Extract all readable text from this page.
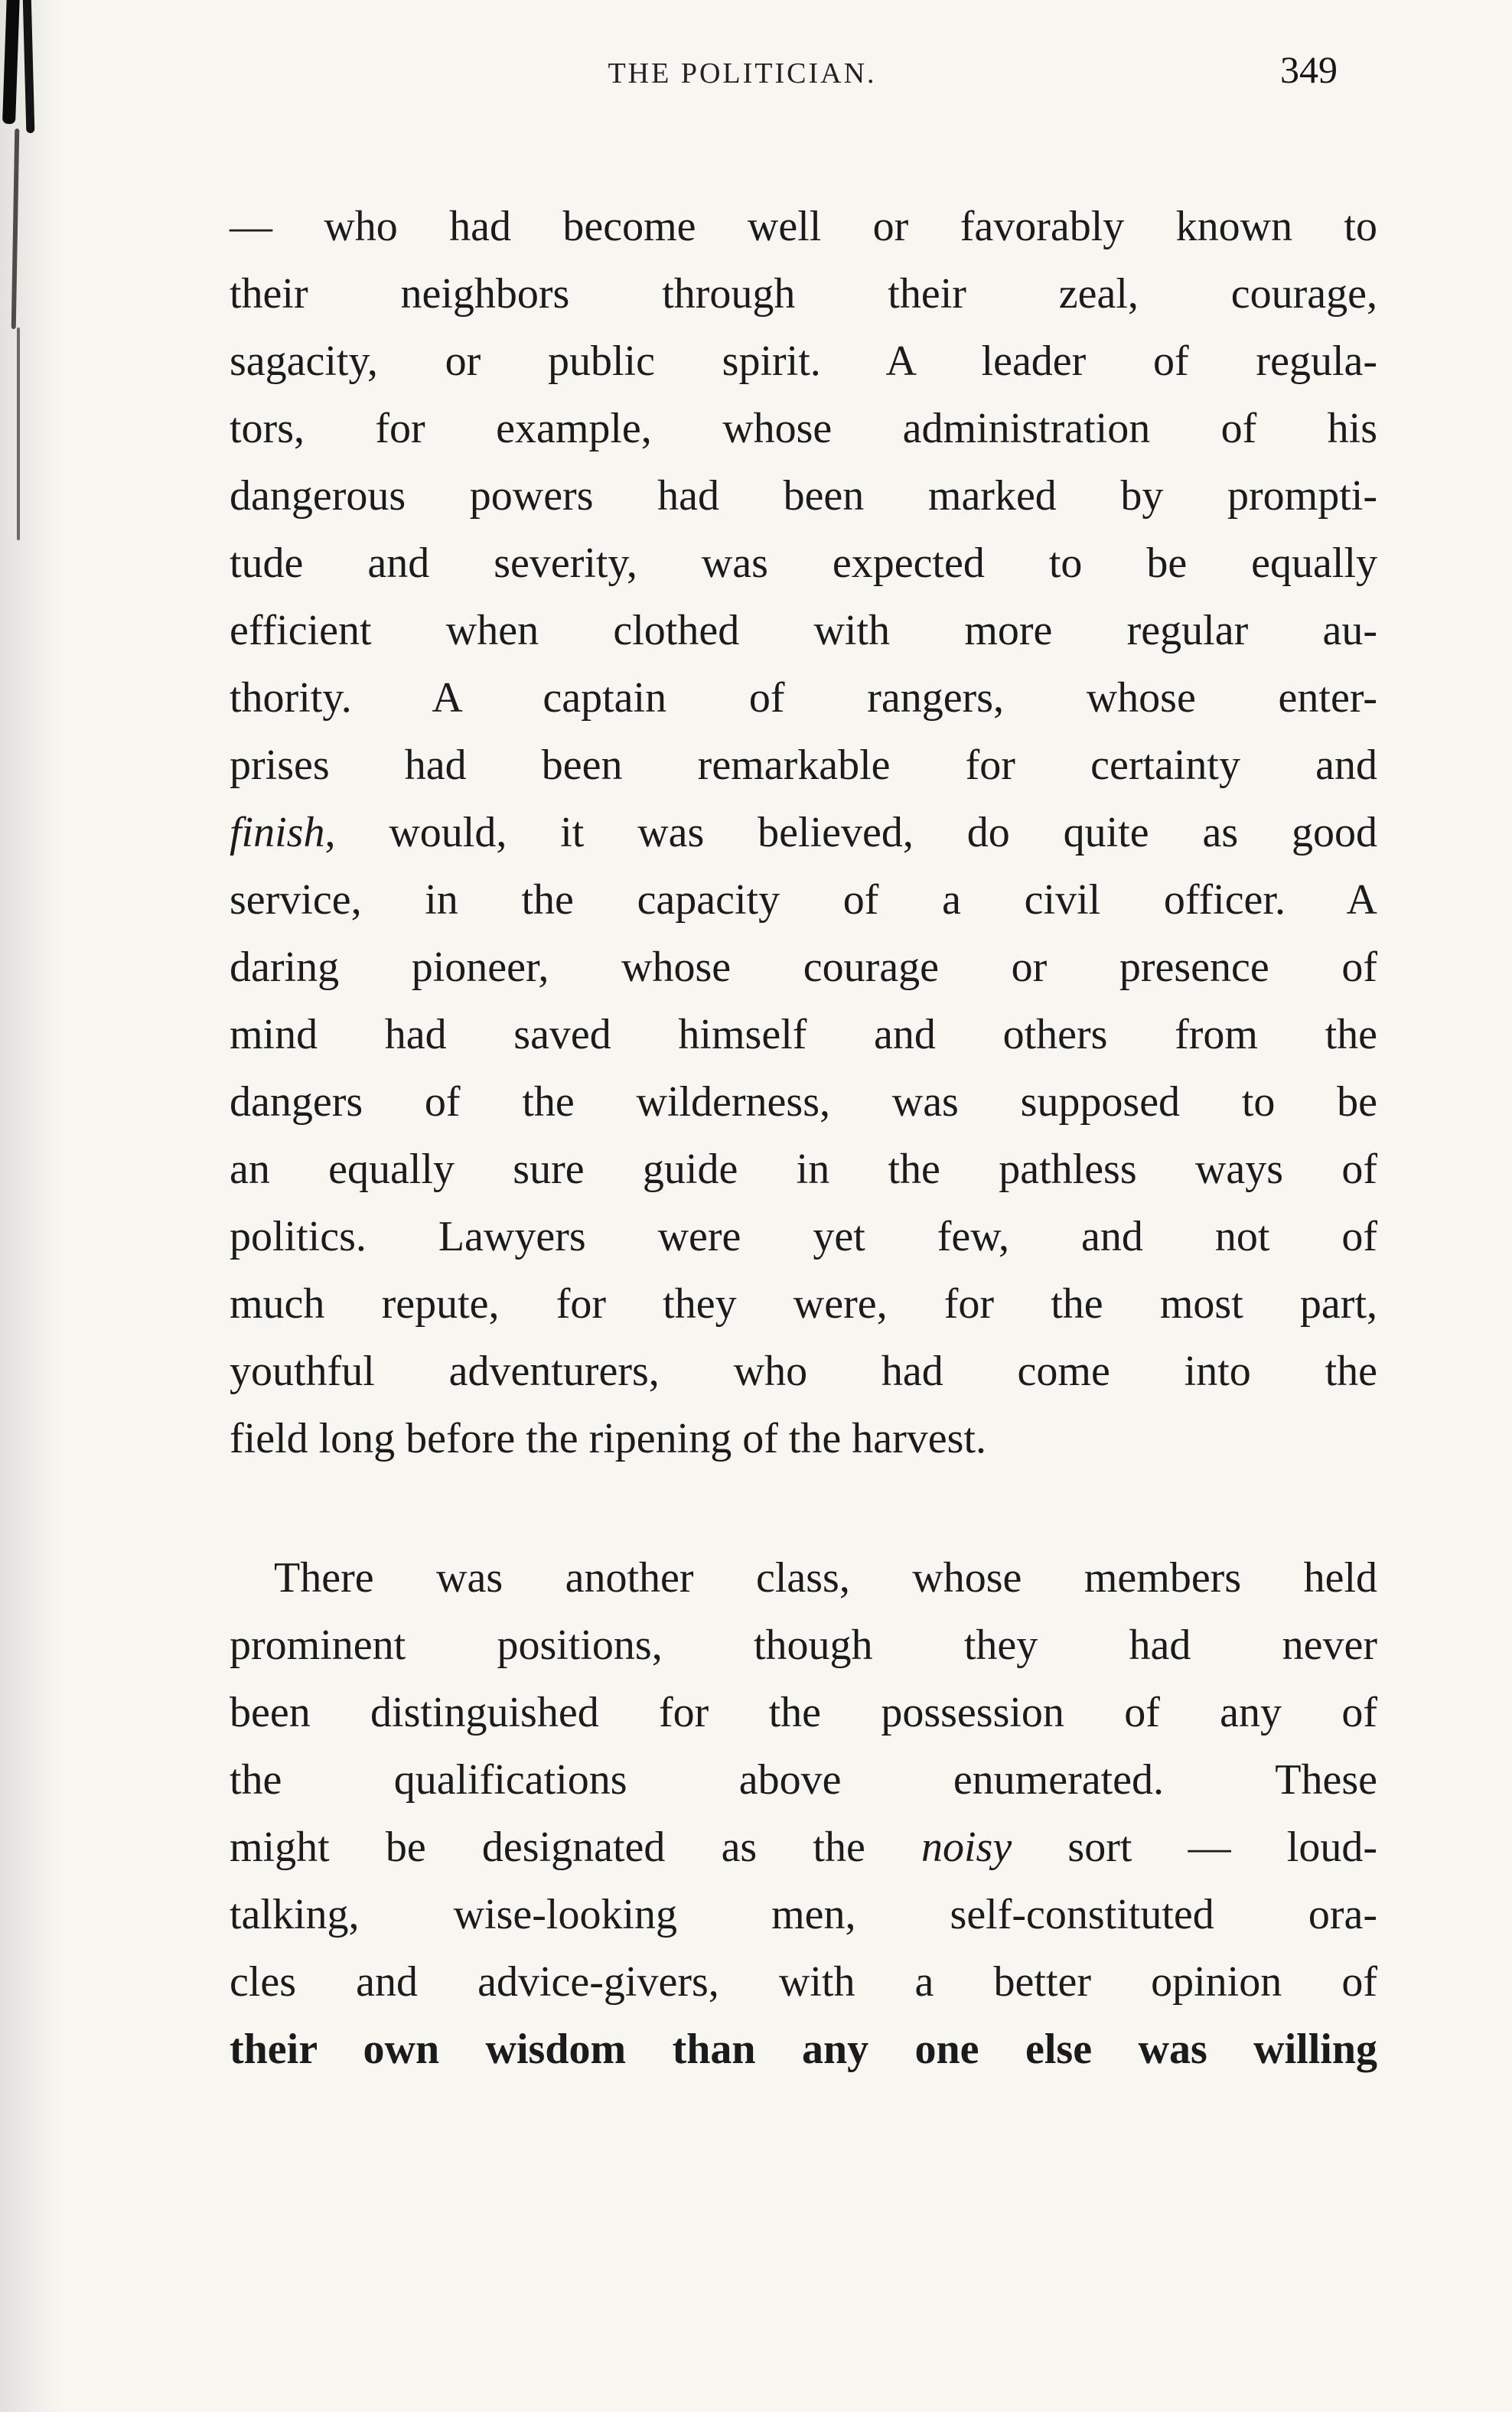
THE POLITICIAN.	349
— who had become well or favorably known to
their neighbors through their zeal, courage,
sagacity, or public spirit. A leader of regula-
tors, for example, whose administration of his
dangerous powers had been marked by prompti-
tude and severity, was expected to be equally
efficient when clothed with more regular au-
thority. A captain of rangers, whose enter-
prises had been remarkable for certainty and
finish, would, it was believed, do quite as good
service, in the capacity of a civil officer. A
daring pioneer, whose courage or presence of
mind had saved himself and others from the
dangers of the wilderness, was supposed to be
an equally sure guide in the pathless ways of
politics. Lawyers were yet few, and not of
much repute, for they were, for the most part,
youthful adventurers, who had come into the
field long before the ripening of the harvest.
There was another class, whose members held
prominent positions, though they had never
been distinguished for the possession of any of
the qualifications above enumerated. These
might be designated as the noisy sort — loud-
talking, wise-looking men, self-constituted ora-
cles and advice-givers, with a better opinion of
their own wisdom than any one else was willing
